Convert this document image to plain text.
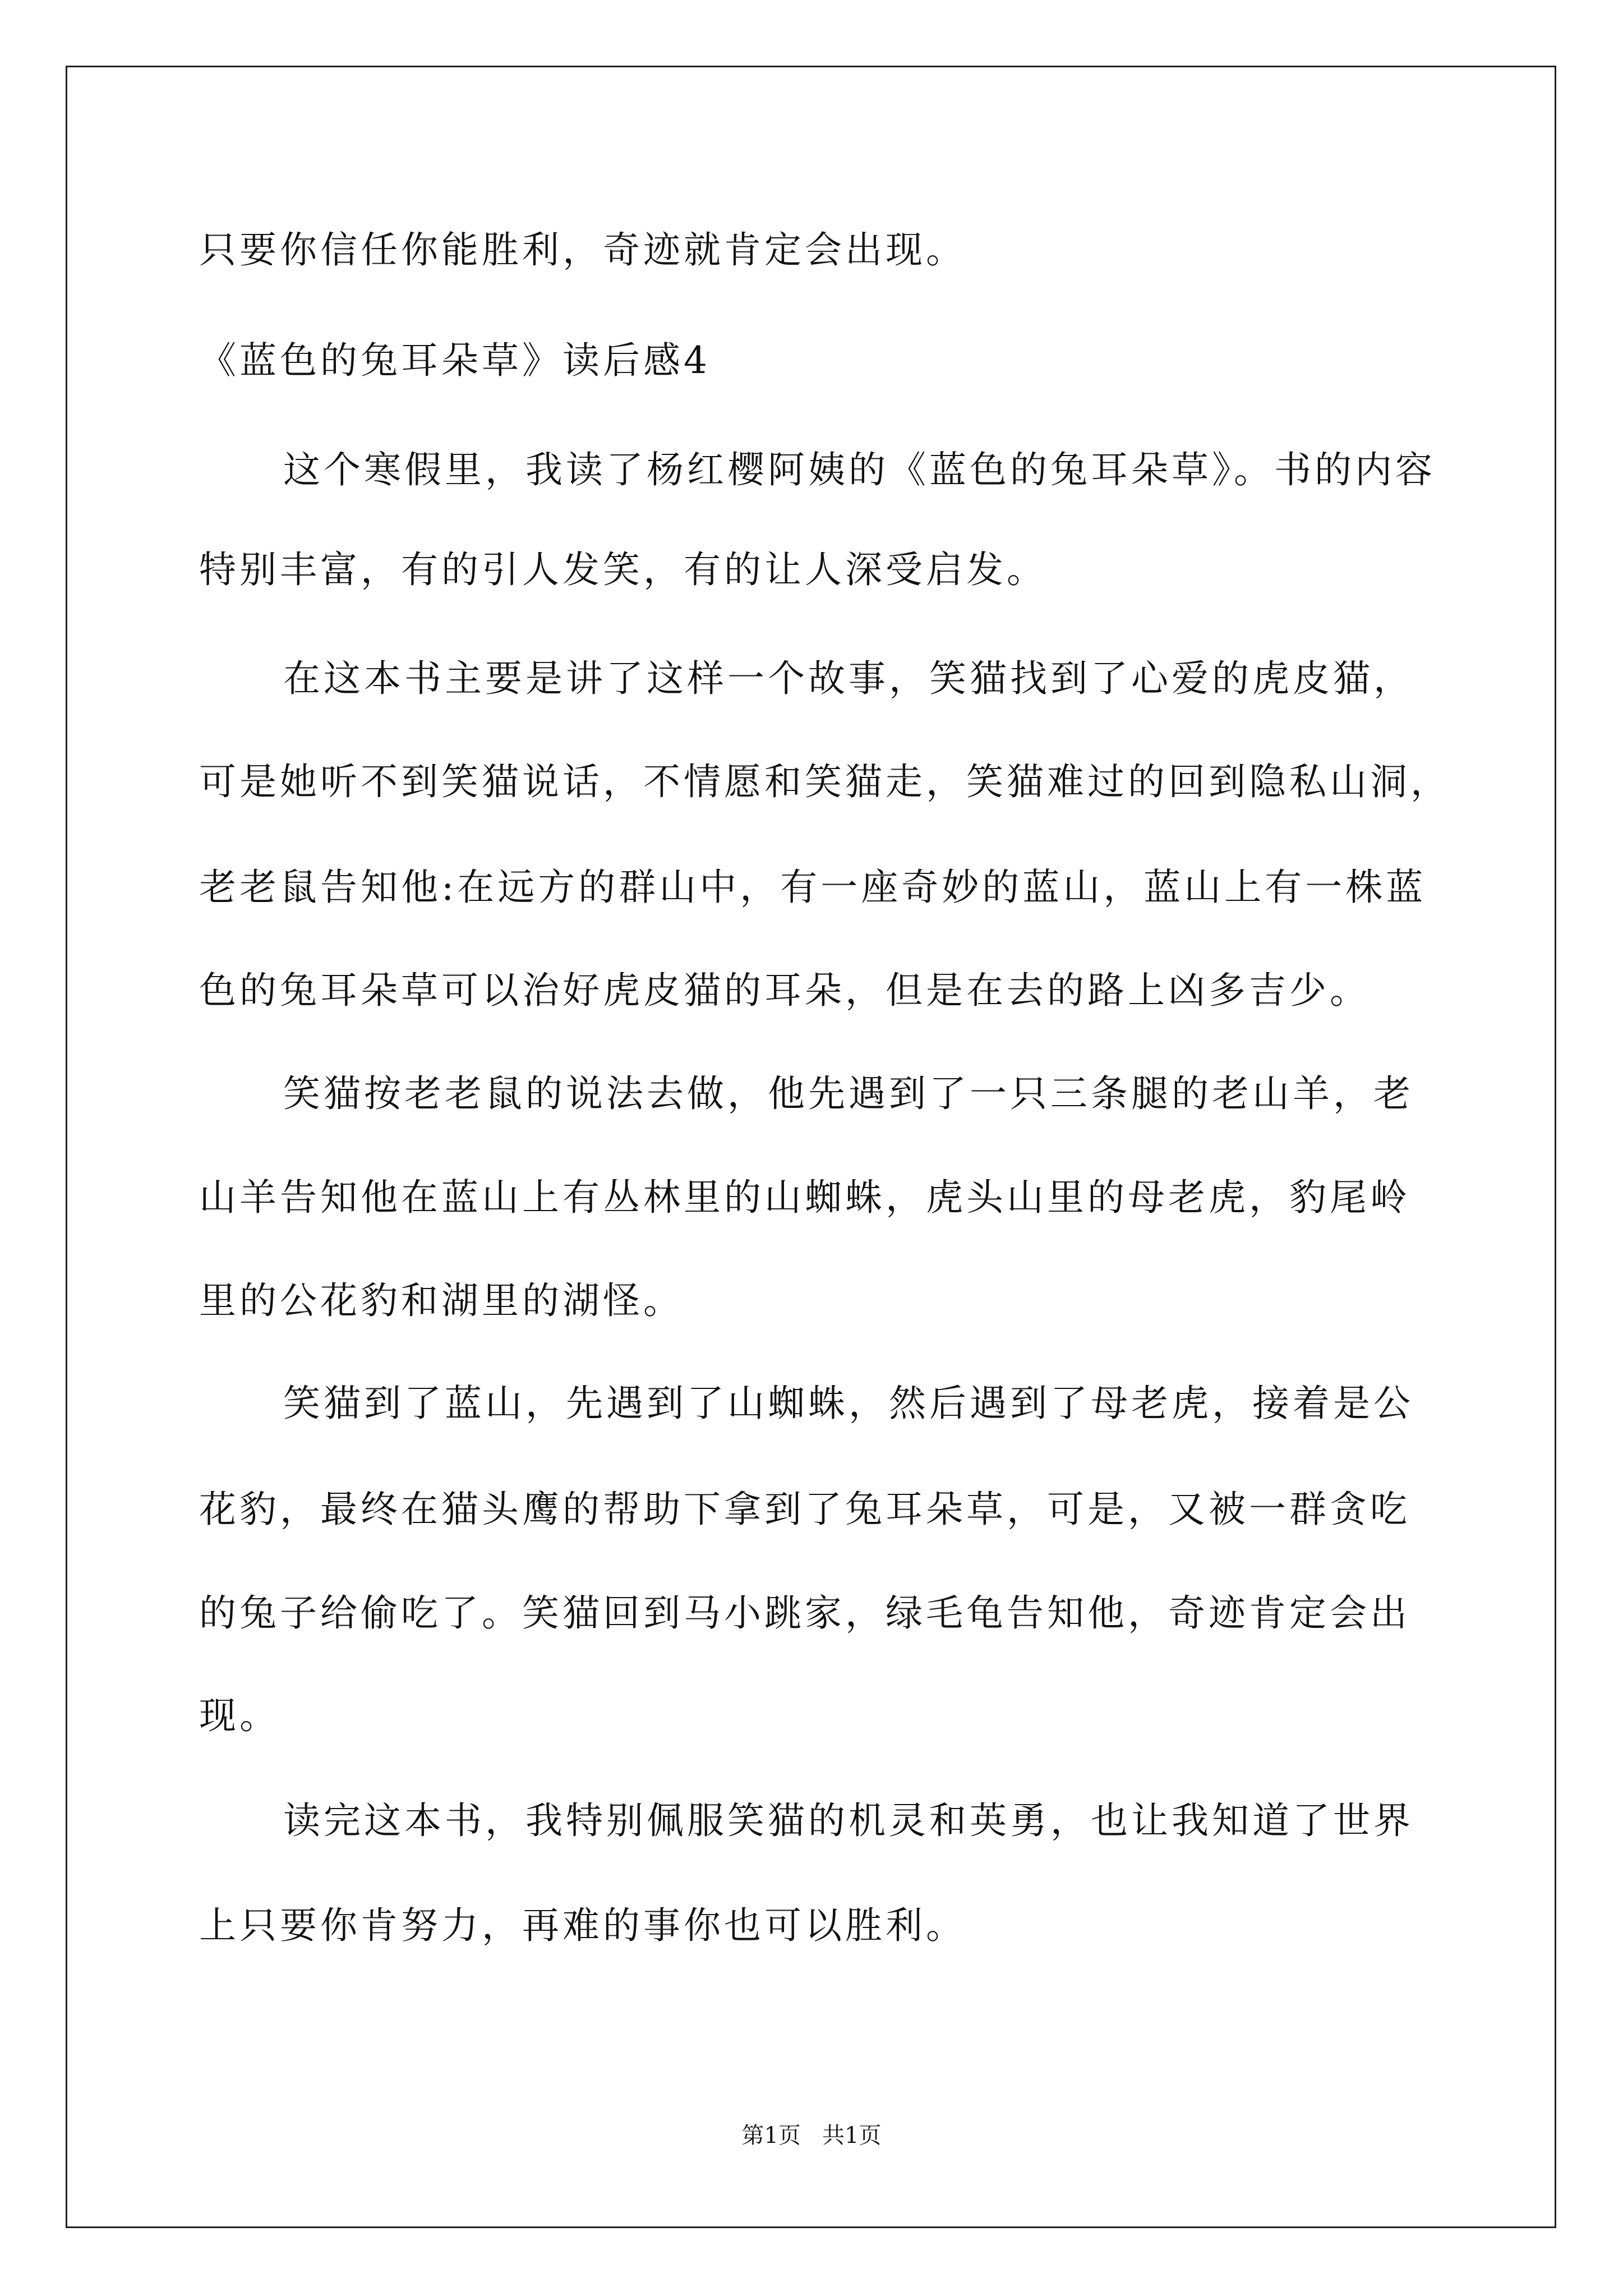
只要你信任你能胜利，奇迹就肯定会出现。
《蓝色的兔耳朵草》读后感4
这个寒假里，我读了杨红樱阿姨的《蓝色的兔耳朵草》。书的内容
特别丰富，有的引人发笑，有的让人深受启发。
在这本书主要是讲了这样一个故事，笑猫找到了心爱的虎皮猫，
可是她听不到笑猫说话，不情愿和笑猫走，笑猫难过的回到隐私山洞，
老老鼠告知他:在远方的群山中，有一座奇妙的蓝山，蓝山上有一株蓝
色的兔耳朵草可以治好虎皮猫的耳朵，但是在去的路上凶多吉少。
笑猫按老老鼠的说法去做，他先遇到了一只三条腿的老山羊，老
山羊告知他在蓝山上有丛林里的山蜘蛛，虎头山里的母老虎，豹尾岭
里的公花豹和湖里的湖怪。
笑猫到了蓝山，先遇到了山蜘蛛，然后遇到了母老虎，接着是公
花豹，最终在猫头鹰的帮助下拿到了兔耳朵草，可是，又被一群贪吃
的兔子给偷吃了。笑猫回到马小跳家，绿毛龟告知他，奇迹肯定会出
现。
读完这本书，我特别佩服笑猫的机灵和英勇，也让我知道了世界
上只要你肯努力，再难的事你也可以胜利。
第1页   共1页
